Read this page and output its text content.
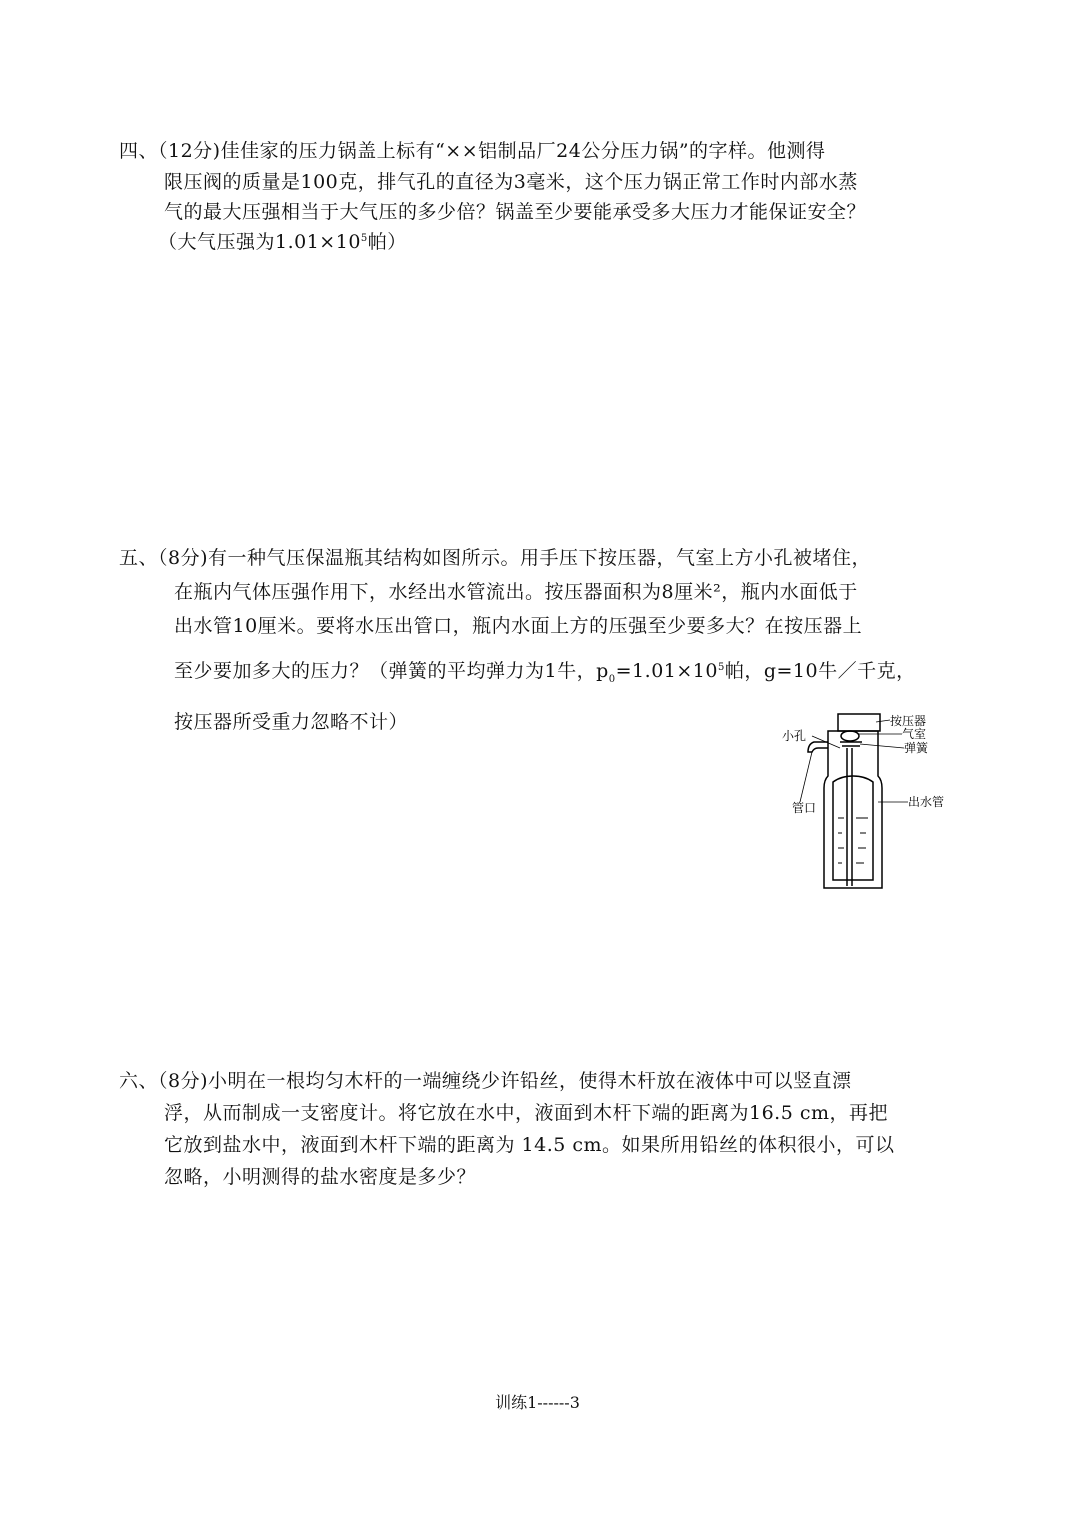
四、（12分)佳佳家的压力锅盖上标有“××铝制品厂24公分压力锅”的字样。他测得
限压阀的质量是100克，排气孔的直径为3毫米，这个压力锅正常工作时内部水蒸
气的最大压强相当于大气压的多少倍？锅盖至少要能承受多大压力才能保证安全？
（大气压强为$1.01\times 10^5$帕）
五、（8分)有一种气压保温瓶其结构如图所示。用手压下按压器，气室上方小孔被堵住，
在瓶内气体压强作用下，水经出水管流出。按压器面积为8厘米²，瓶内水面低于
出水管10厘米。要将水压出管口，瓶内水面上方的压强至少要多大？在按压器上
至少要加多大的压力？（弹簧的平均弹力为1牛，$p_0=1.01\times 10^5$帕，g=10牛／千克，
按压器所受重力忽略不计）	按压器
小孔	气室
弹簧
管口	出水管
六、（8分)小明在一根均匀木杆的一端缠绕少许铅丝，使得木杆放在液体中可以竖直漂
浮，从而制成一支密度计。将它放在水中，液面到木杆下端的距离为16.5 cm，再把
它放到盐水中，液面到木杆下端的距离为 14.5 cm。如果所用铅丝的体积很小，可以
忽略，小明测得的盐水密度是多少？
训练1------3
